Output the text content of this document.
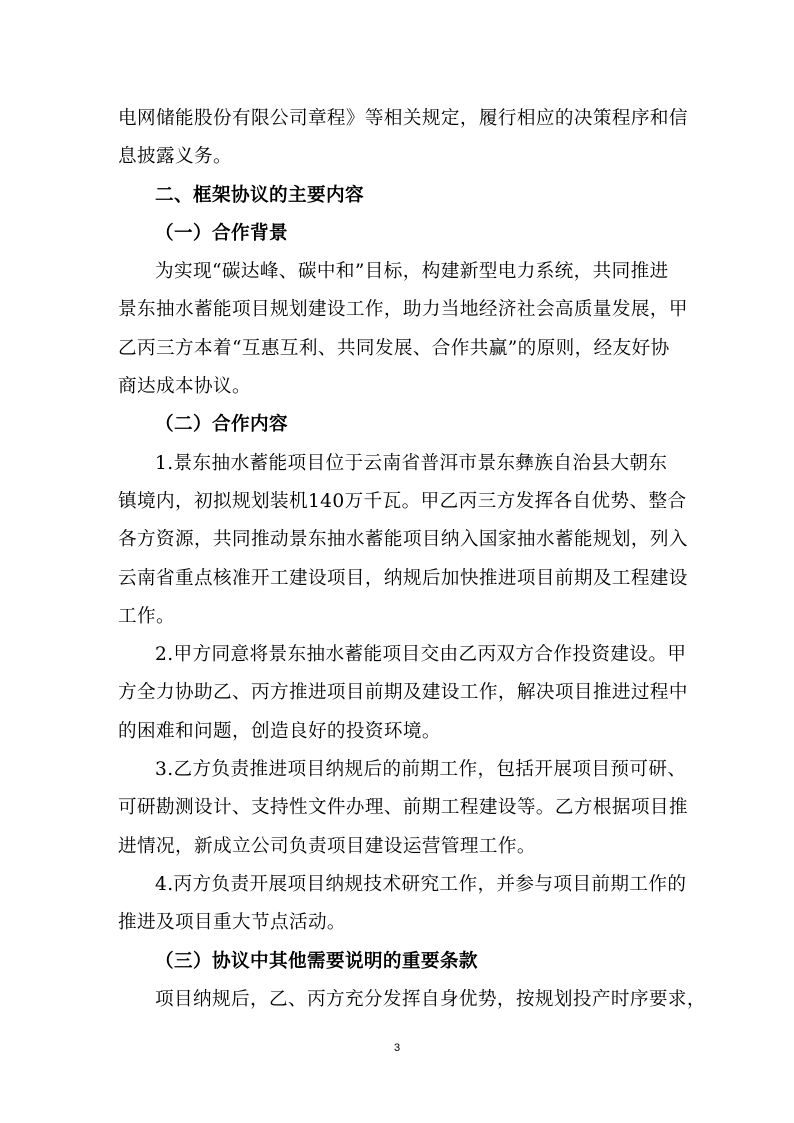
电网储能股份有限公司章程》等相关规定，履行相应的决策程序和信
息披露义务。
二、框架协议的主要内容
（一）合作背景
为实现“碳达峰、碳中和”目标，构建新型电力系统，共同推进
景东抽水蓄能项目规划建设工作，助力当地经济社会高质量发展，甲
乙丙三方本着“互惠互利、共同发展、合作共赢”的原则，经友好协
商达成本协议。
（二）合作内容
1.景东抽水蓄能项目位于云南省普洱市景东彝族自治县大朝东
镇境内，初拟规划装机140万千瓦。甲乙丙三方发挥各自优势、整合
各方资源，共同推动景东抽水蓄能项目纳入国家抽水蓄能规划，列入
云南省重点核准开工建设项目，纳规后加快推进项目前期及工程建设
工作。
2.甲方同意将景东抽水蓄能项目交由乙丙双方合作投资建设。甲
方全力协助乙、丙方推进项目前期及建设工作，解决项目推进过程中
的困难和问题，创造良好的投资环境。
3.乙方负责推进项目纳规后的前期工作，包括开展项目预可研、
可研勘测设计、支持性文件办理、前期工程建设等。乙方根据项目推
进情况，新成立公司负责项目建设运营管理工作。
4.丙方负责开展项目纳规技术研究工作，并参与项目前期工作的
推进及项目重大节点活动。
（三）协议中其他需要说明的重要条款
项目纳规后，乙、丙方充分发挥自身优势，按规划投产时序要求，
3
